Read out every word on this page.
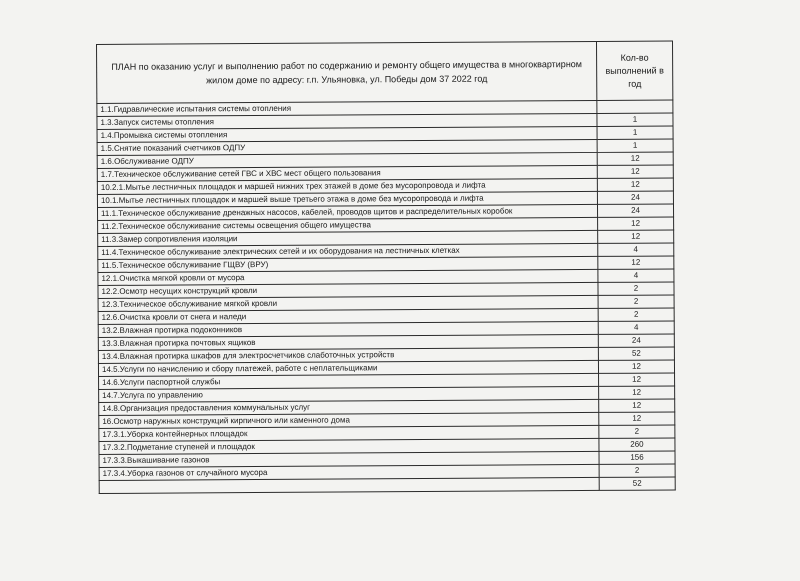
ПЛАН по оказанию услуг и выполнению работ по содержанию и ремонту общего имущества в многоквартирном жилом доме по адресу: г.п. Ульяновка, ул. Победы дом 37 2022 год	Кол-во выполнений в год
1.1.Гидравлические испытания системы отопления	
1.3.Запуск системы отопления	1
1.4.Промывка системы отопления	1
1.5.Снятие показаний счетчиков ОДПУ	1
1.6.Обслуживание ОДПУ	12
1.7.Техническое обслуживание сетей ГВС и ХВС мест общего пользования	12
10.2.1.Мытье лестничных площадок и маршей нижних трех этажей в доме без мусоропровода и лифта	12
10.1.Мытье лестничных площадок и маршей выше третьего этажа в доме без мусоропровода и лифта	24
11.1.Техническое обслуживание дренажных насосов, кабелей, проводов щитов и распределительных коробок	24
11.2.Техническое обслуживание системы освещения общего имущества	12
11.3.Замер сопротивления изоляции	12
11.4.Техническое обслуживание электрических сетей и их оборудования на лестничных клетках	4
11.5.Техническое обслуживание ГЩВУ (ВРУ)	12
12.1.Очистка мягкой кровли от мусора	4
12.2.Осмотр несущих конструкций кровли	2
12.3.Техническое обслуживание мягкой кровли	2
12.6.Очистка кровли от снега и наледи	2
13.2.Влажная протирка подоконников	4
13.3.Влажная протирка почтовых ящиков	24
13.4.Влажная протирка шкафов для электросчетчиков слаботочных устройств	52
14.5.Услуги по начислению и сбору платежей, работе с неплательщиками	12
14.6.Услуги паспортной службы	12
14.7.Услуга по управлению	12
14.8.Организация предоставления коммунальных услуг	12
16.Осмотр наружных конструкций кирпичного или каменного дома	12
17.3.1.Уборка контейнерных площадок	2
17.3.2.Подметание ступеней и площадок	260
17.3.3.Выкашивание газонов	156
17.3.4.Уборка газонов от случайного мусора	2
	52
